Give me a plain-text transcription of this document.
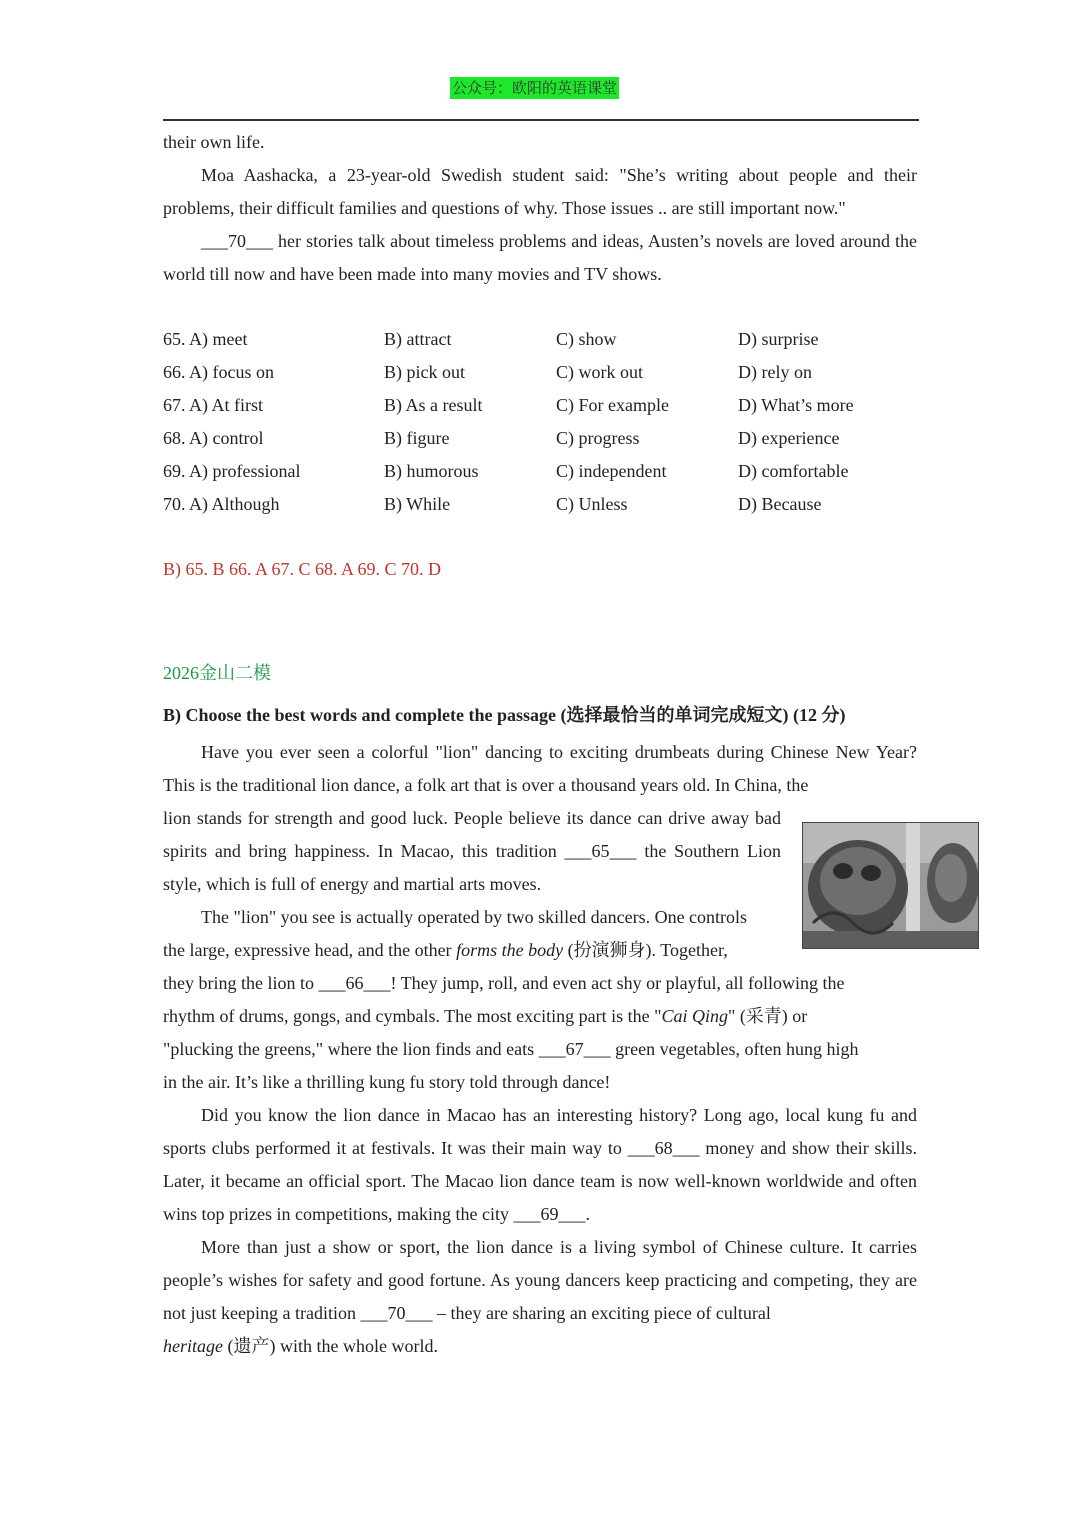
公众号：欧阳的英语课堂

their own life.

Moa Aashacka, a 23-year-old Swedish student said: "She’s writing about people and their problems, their difficult families and questions of why. Those issues .. are still important now."

___70___ her stories talk about timeless problems and ideas, Austen’s novels are loved around the world till now and have been made into many movies and TV shows.

65. A) meet	B) attract	C) show	D) surprise
66. A) focus on	B) pick out	C) work out	D) rely on
67. A) At first	B) As a result	C) For example	D) What’s more
68. A) control	B) figure	C) progress	D) experience
69. A) professional	B) humorous	C) independent	D) comfortable
70. A) Although	B) While	C) Unless	D) Because
B) 65. B 66. A 67. C 68. A 69. C 70. D
2026金山二模
B) Choose the best words and complete the passage (选择最恰当的单词完成短文) (12 分)

Have you ever seen a colorful "lion" dancing to exciting drumbeats during Chinese New Year? This is the traditional lion dance, a folk art that is over a thousand years old. In China, the

lion stands for strength and good luck. People believe its dance can drive away bad spirits and bring happiness. In Macao, this tradition ___65___ the Southern Lion style, which is full of energy and martial arts moves.

The "lion" you see is actually operated by two skilled dancers. One controls

the large, expressive head, and the other forms the body (扮演狮身). Together,

they bring the lion to ___66___! They jump, roll, and even act shy or playful, all following the

rhythm of drums, gongs, and cymbals. The most exciting part is the "Cai Qing" (采青) or

"plucking the greens," where the lion finds and eats ___67___ green vegetables, often hung high

in the air. It’s like a thrilling kung fu story told through dance!

Did you know the lion dance in Macao has an interesting history? Long ago, local kung fu and sports clubs performed it at festivals. It was their main way to ___68___ money and show their skills. Later, it became an official sport. The Macao lion dance team is now well-known worldwide and often wins top prizes in competitions, making the city ___69___.

More than just a show or sport, the lion dance is a living symbol of Chinese culture. It carries people’s wishes for safety and good fortune. As young dancers keep practicing and competing, they are not just keeping a tradition ___70___ – they are sharing an exciting piece of cultural

heritage (遗产) with the whole world.
